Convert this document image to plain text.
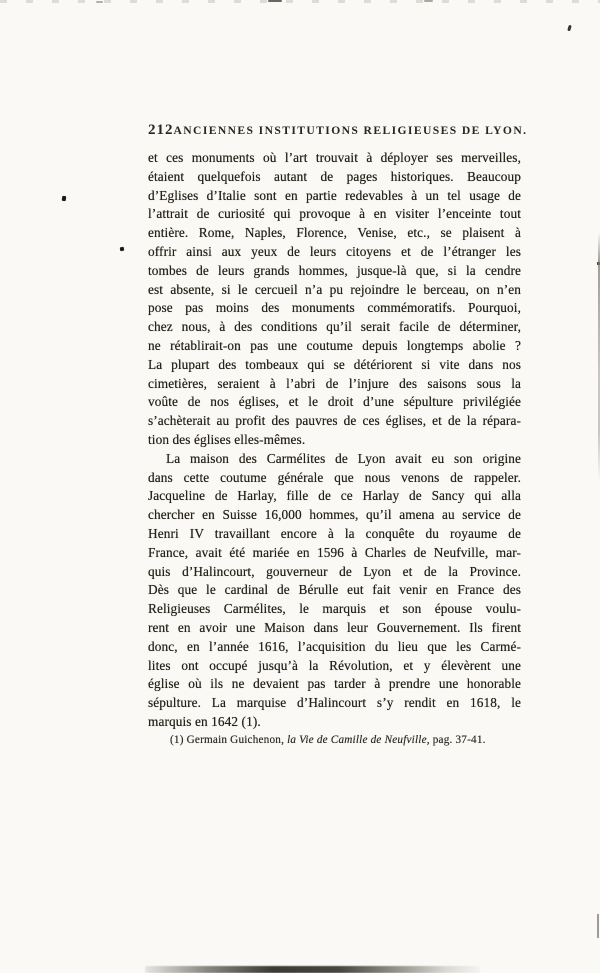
212 ANCIENNES INSTITUTIONS RELIGIEUSES DE LYON.
et ces monuments où l’art trouvait à déployer ses merveilles,
étaient quelquefois autant de pages historiques. Beaucoup
d’Eglises d’Italie sont en partie redevables à un tel usage de
l’attrait de curiosité qui provoque à en visiter l’enceinte tout
entière. Rome, Naples, Florence, Venise, etc., se plaisent à
offrir ainsi aux yeux de leurs citoyens et de l’étranger les
tombes de leurs grands hommes, jusque-là que, si la cendre
est absente, si le cercueil n’a pu rejoindre le berceau, on n’en
pose pas moins des monuments commémoratifs. Pourquoi,
chez nous, à des conditions qu’il serait facile de déterminer,
ne rétablirait-on pas une coutume depuis longtemps abolie ?
La plupart des tombeaux qui se détériorent si vite dans nos
cimetières, seraient à l’abri de l’injure des saisons sous la
voûte de nos églises, et le droit d’une sépulture privilégiée
s’achèterait au profit des pauvres de ces églises, et de la répara-
tion des églises elles-mêmes.
La maison des Carmélites de Lyon avait eu son origine
dans cette coutume générale que nous venons de rappeler.
Jacqueline de Harlay, fille de ce Harlay de Sancy qui alla
chercher en Suisse 16,000 hommes, qu’il amena au service de
Henri IV travaillant encore à la conquête du royaume de
France, avait été mariée en 1596 à Charles de Neufville, mar-
quis d’Halincourt, gouverneur de Lyon et de la Province.
Dès que le cardinal de Bérulle eut fait venir en France des
Religieuses Carmélites, le marquis et son épouse voulu-
rent en avoir une Maison dans leur Gouvernement. Ils firent
donc, en l’année 1616, l’acquisition du lieu que les Carmé-
lites ont occupé jusqu’à la Révolution, et y élevèrent une
église où ils ne devaient pas tarder à prendre une honorable
sépulture. La marquise d’Halincourt s’y rendit en 1618, le
marquis en 1642 (1).
(1) Germain Guichenon, la Vie de Camille de Neufville, pag. 37-41.
